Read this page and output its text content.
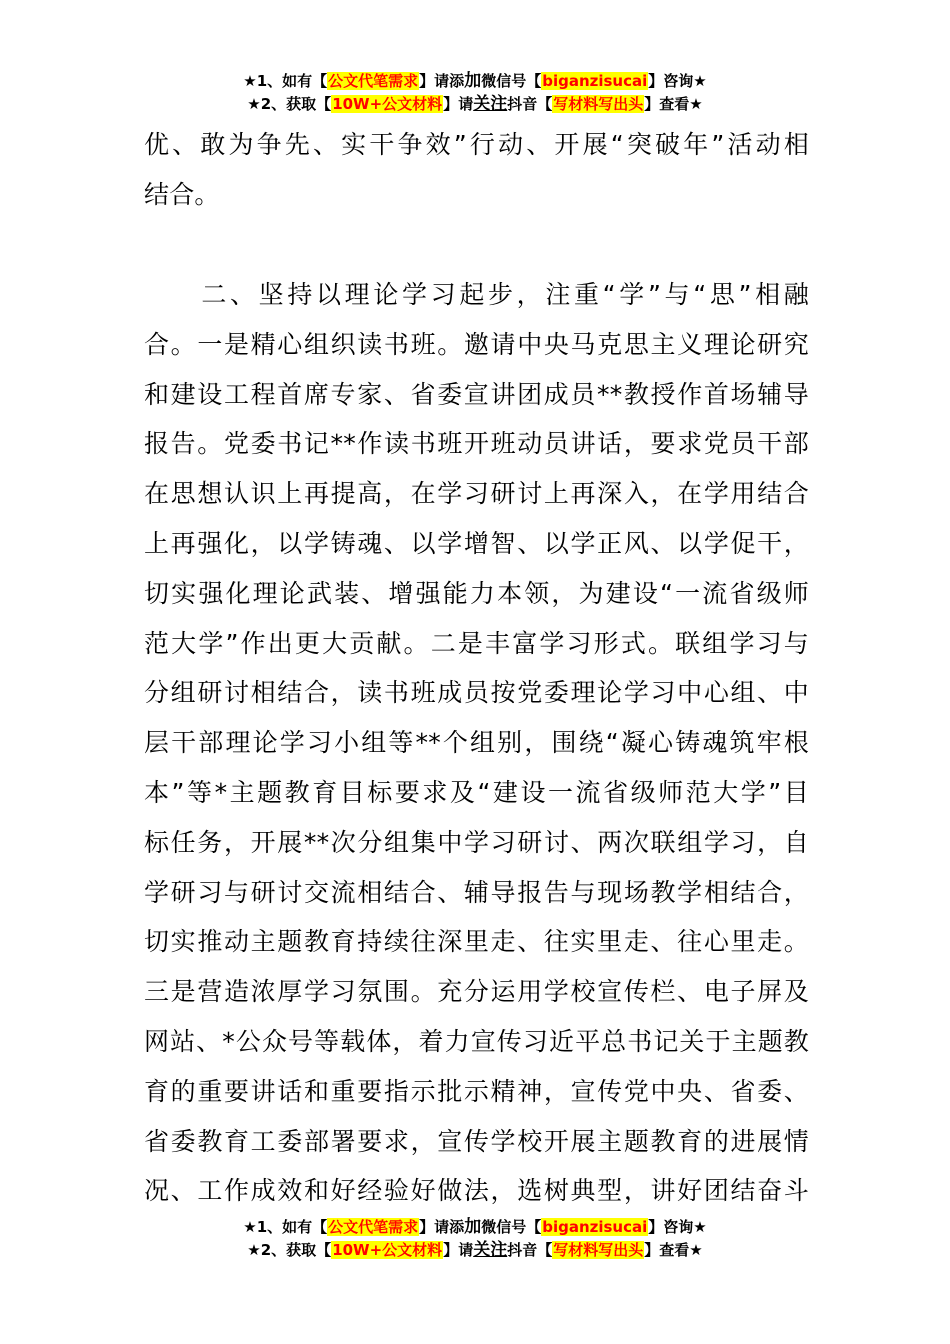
★1、如有【公文代笔需求】请添加微信号【biganzisucai】咨询★
★2、获取【10W+公文材料】请关注抖音【写材料写出头】查看★
优、敢为争先、实干争效”行动、开展“突破年”活动相
结合。
　　二、坚持以理论学习起步，注重“学”与“思”相融
合。一是精心组织读书班。邀请中央马克思主义理论研究
和建设工程首席专家、省委宣讲团成员**教授作首场辅导
报告。党委书记**作读书班开班动员讲话，要求党员干部
在思想认识上再提高，在学习研讨上再深入，在学用结合
上再强化，以学铸魂、以学增智、以学正风、以学促干，
切实强化理论武装、增强能力本领，为建设“一流省级师
范大学”作出更大贡献。二是丰富学习形式。联组学习与
分组研讨相结合，读书班成员按党委理论学习中心组、中
层干部理论学习小组等**个组别，围绕“凝心铸魂筑牢根
本”等*主题教育目标要求及“建设一流省级师范大学”目
标任务，开展**次分组集中学习研讨、两次联组学习，自
学研习与研讨交流相结合、辅导报告与现场教学相结合，
切实推动主题教育持续往深里走、往实里走、往心里走。
三是营造浓厚学习氛围。充分运用学校宣传栏、电子屏及
网站、*公众号等载体，着力宣传习近平总书记关于主题教
育的重要讲话和重要指示批示精神，宣传党中央、省委、
省委教育工委部署要求，宣传学校开展主题教育的进展情
况、工作成效和好经验好做法，选树典型，讲好团结奋斗
★1、如有【公文代笔需求】请添加微信号【biganzisucai】咨询★
★2、获取【10W+公文材料】请关注抖音【写材料写出头】查看★
